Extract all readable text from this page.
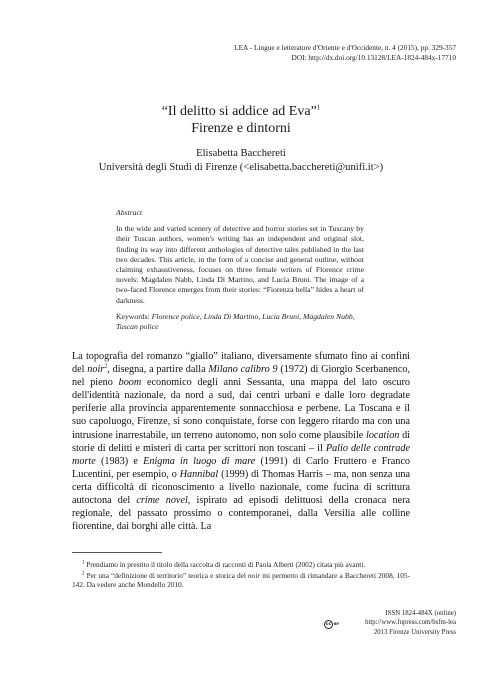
LEA - Lingue e letterature d'Oriente e d'Occidente, n. 4 (2015), pp. 329-357
DOI: http://dx.doi.org/10.13128/LEA-1824-484x-17710
“Il delitto si addice ad Eva”$^1$
Firenze e dintorni
Elisabetta Bacchereti
Università degli Studi di Firenze (<elisabetta.bacchereti@unifi.it>)
Abstract
In the wide and varied scenery of detective and horror stories set in Tuscany by their Tuscan authors, women's writing has an independent and original slot, finding its way into different anthologies of detective tales published in the last two decades. This article, in the form of a concise and general outline, without claiming exhaustiveness, focuses on three female writers of Florence crime novels: Magdalen Nabb, Linda Di Martino, and Lucia Bruni. The image of a two-faced Florence emerges from their stories: “Fiorenza bella” hides a heart of darkness.
Keywords: Florence police, Linda Di Martino, Lucia Bruni, Magdalen Nabb, Tuscan police

La topografia del romanzo “giallo” italiano, diversamente sfumato fino ai confini del noir$^2$, disegna, a partire dalla Milano calibro 9 (1972) di Giorgio Scerbanenco, nel pieno boom economico degli anni Sessanta, una mappa del lato oscuro dell'identità nazionale, da nord a sud, dai centri urbani e dalle loro degradate periferie alla provincia apparentemente sonnacchiosa e perbene. La Toscana e il suo capoluogo, Firenze, si sono conquistate, forse con leggero ritardo ma con una intrusione inarrestabile, un terreno autonomo, non solo come plausibile location di storie di delitti e misteri di carta per scrittori non toscani – il Palio delle contrade morte (1983) e Enigma in luogo di mare (1991) di Carlo Fruttero e Franco Lucentini, per esempio, o Hannibal (1999) di Thomas Harris – ma, non senza una certa difficoltà di riconoscimento a livello nazionale, come fucina di scrittura autoctona del crime novel, ispirato ad episodi delittuosi della cronaca nera regionale, del passato prossimo o contemporanei, dalla Versilia alle colline fiorentine, dai borghi alle città. La

$^1$ Prendiamo in prestito il titolo della raccolta di racconti di Paola Alberti (2002) citata più avanti.

$^2$ Per una “definizione di territorio” teorica e storica del noir mi permetto di rimandare a Bacchereti 2008, 105-142. Da vedere anche Mondello 2010.

cc BY
ISSN 1824-484X (online)
http://www.fupress.com/bsfm-lea
2013 Firenze University Press
